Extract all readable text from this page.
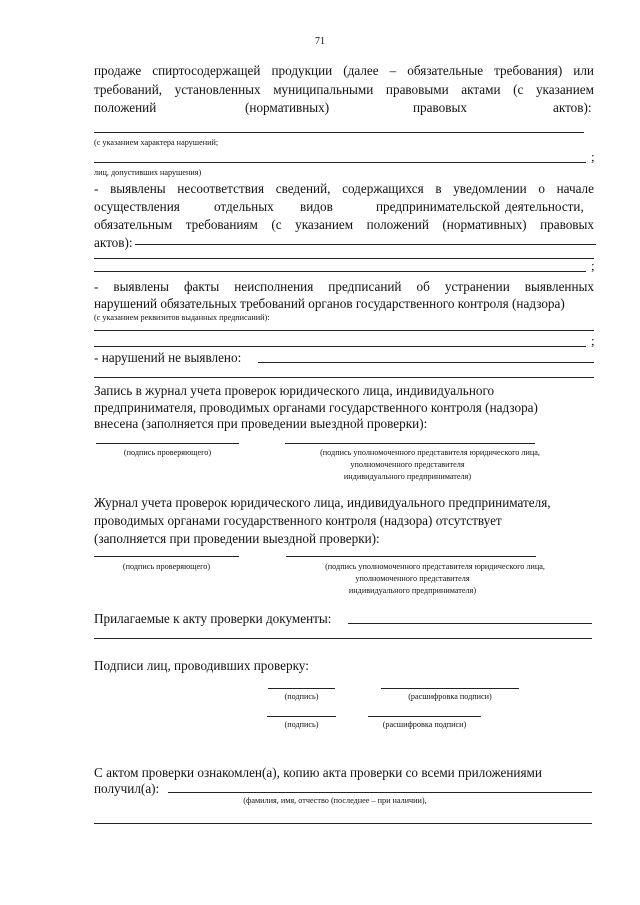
71
продаже спиртосодержащей продукции (далее – обязательные требования) или
требований, установленных муниципальными правовыми актами (с указанием
положений	(нормативных)	правовых	актов):
(с указанием характера нарушений;
;
лиц, допустивших нарушения)
- выявлены несоответствия сведений, содержащихся в уведомлении о начале
осуществления	отдельных видов	предпринимательской деятельности,
обязательным требованиям (с указанием положений (нормативных) правовых
актов):
;
- выявлены факты неисполнения предписаний об устранении выявленных
нарушений обязательных требований органов государственного контроля (надзора)
(с указанием реквизитов выданных предписаний):
;
- нарушений не выявлено:
Запись в журнал учета проверок юридического лица, индивидуального
предпринимателя, проводимых органами государственного контроля (надзора)
внесена (заполняется при проведении выездной проверки):
(подпись проверяющего)	(подпись уполномоченного представителя юридического лица,
уполномоченного представителя
индивидуального предпринимателя)
Журнал учета проверок юридического лица, индивидуального предпринимателя,
проводимых органами государственного контроля (надзора) отсутствует
(заполняется при проведении выездной проверки):
(подпись проверяющего)	(подпись уполномоченного представителя юридического лица,
уполномоченного представителя
индивидуального предпринимателя)
Прилагаемые к акту проверки документы:
Подписи лиц, проводивших проверку:
(подпись)	(расшифровка подписи)
(подпись)	(расшифровка подписи)
С актом проверки ознакомлен(а), копию акта проверки со всеми приложениями
получил(а):
(фамилия, имя, отчество (последнее – при наличии),
